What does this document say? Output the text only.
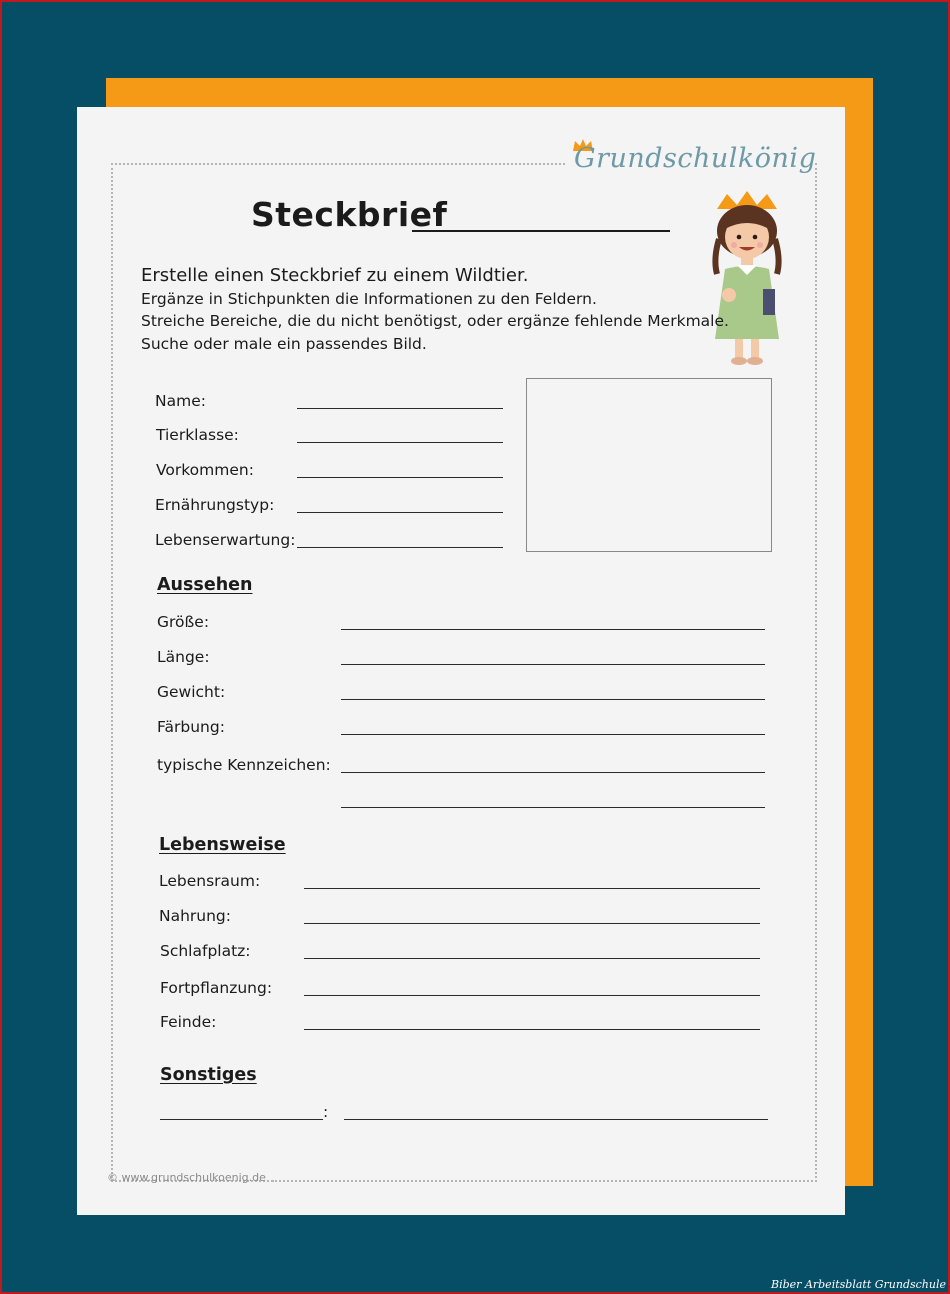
Grundschulkönig
Steckbrief
Erstelle einen Steckbrief zu einem Wildtier.
Ergänze in Stichpunkten die Informationen zu den Feldern.
Streiche Bereiche, die du nicht benötigst, oder ergänze fehlende Merkmale.
Suche oder male ein passendes Bild.
Name:
Tierklasse:
Vorkommen:
Ernährungstyp:
Lebenserwartung:
Aussehen
Größe:
Länge:
Gewicht:
Färbung:
typische Kennzeichen:
Lebensweise
Lebensraum:
Nahrung:
Schlafplatz:
Fortpflanzung:
Feinde:
Sonstiges
:
© www.grundschulkoenig.de
Biber Arbeitsblatt Grundschule
